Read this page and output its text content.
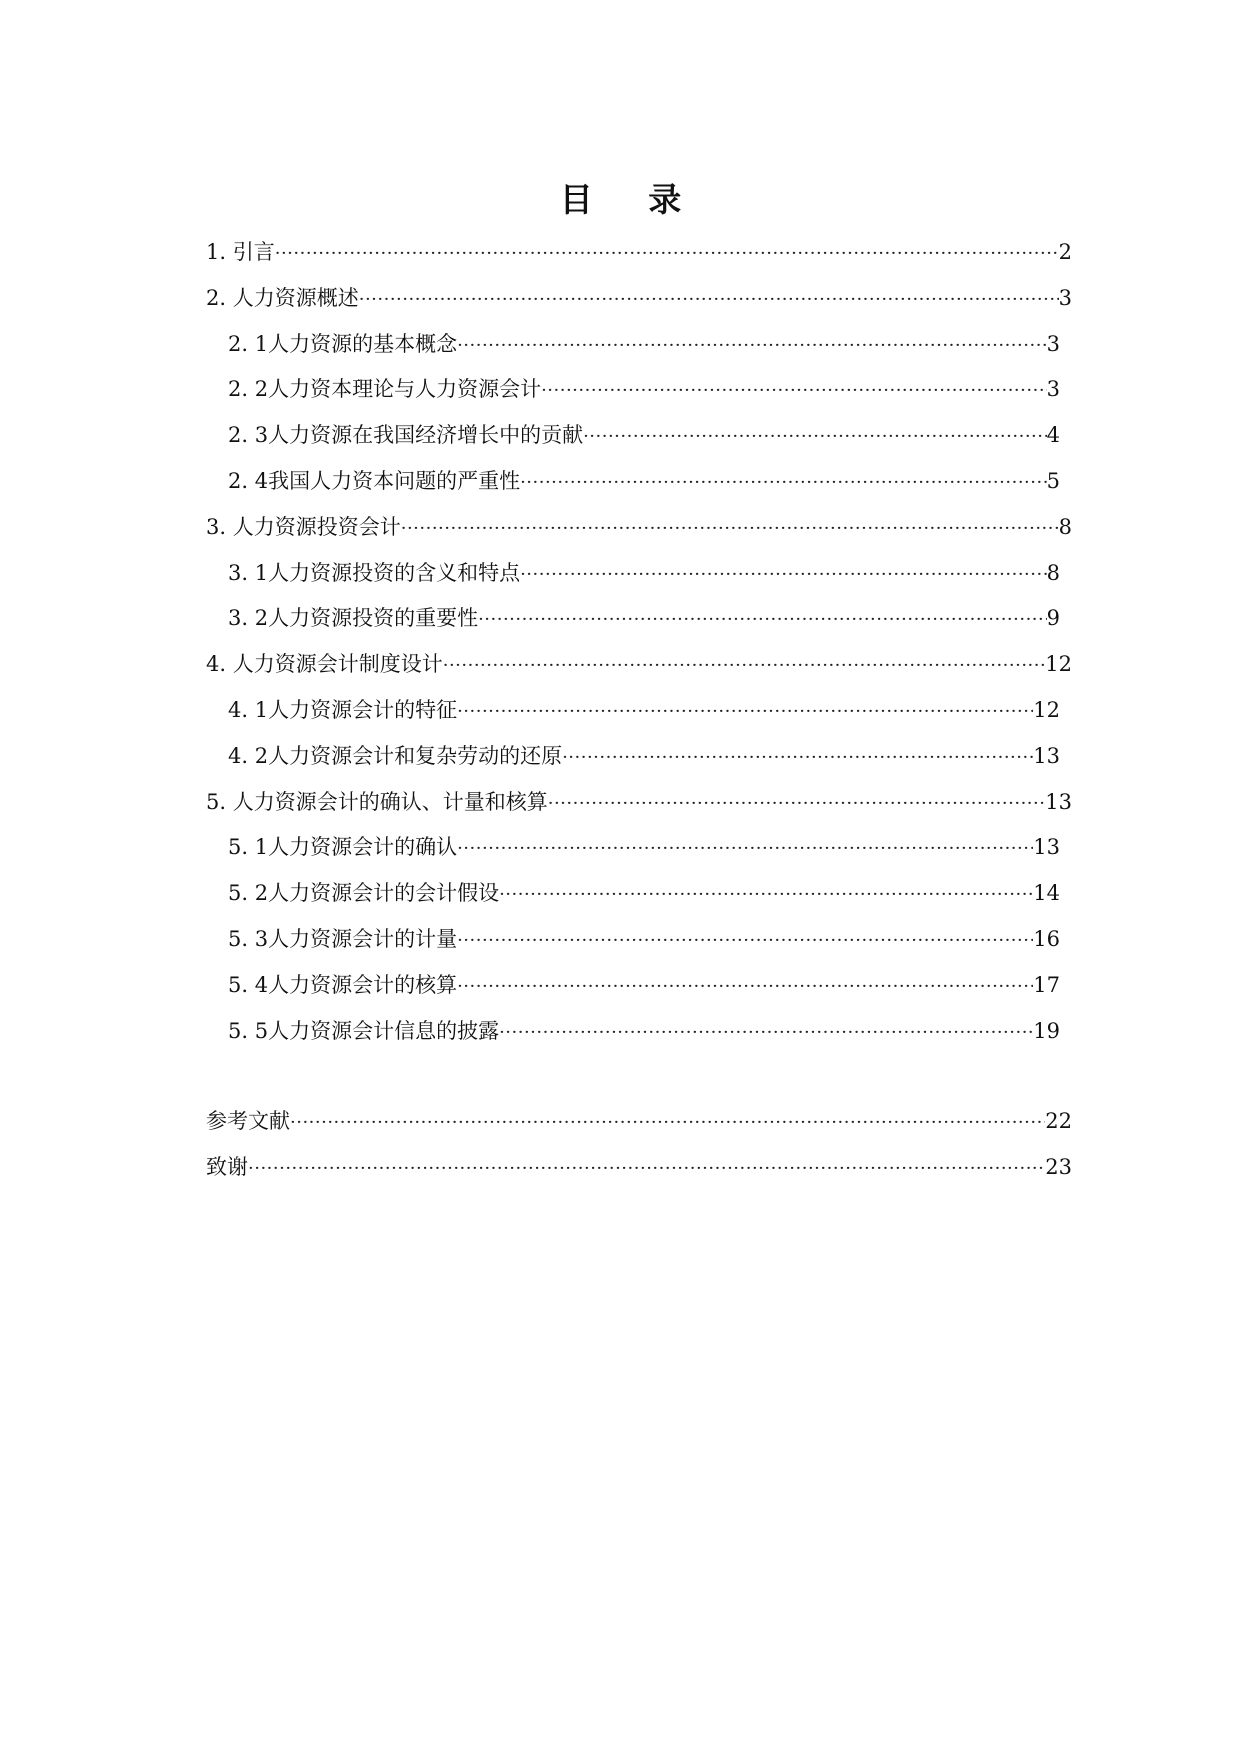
目 录
1. 引言 ·····	2
2. 人力资源概述 ·····	3
2. 1人力资源的基本概念 ·····	3
2. 2人力资本理论与人力资源会计 ·····	3
2. 3人力资源在我国经济增长中的贡献 ·····	4
2. 4我国人力资本问题的严重性 ·····	5
3. 人力资源投资会计 ·····	8
3. 1人力资源投资的含义和特点 ·····	8
3. 2人力资源投资的重要性 ·····	9
4. 人力资源会计制度设计 ·····	12
4. 1人力资源会计的特征 ·····	12
4. 2人力资源会计和复杂劳动的还原 ·····	13
5. 人力资源会计的确认、计量和核算 ·····	13
5. 1人力资源会计的确认 ·····	13
5. 2人力资源会计的会计假设 ·····	14
5. 3人力资源会计的计量 ·····	16
5. 4人力资源会计的核算 ·····	17
5. 5人力资源会计信息的披露 ·····	19
参考文献 ·····	22
致谢 ·····	23
